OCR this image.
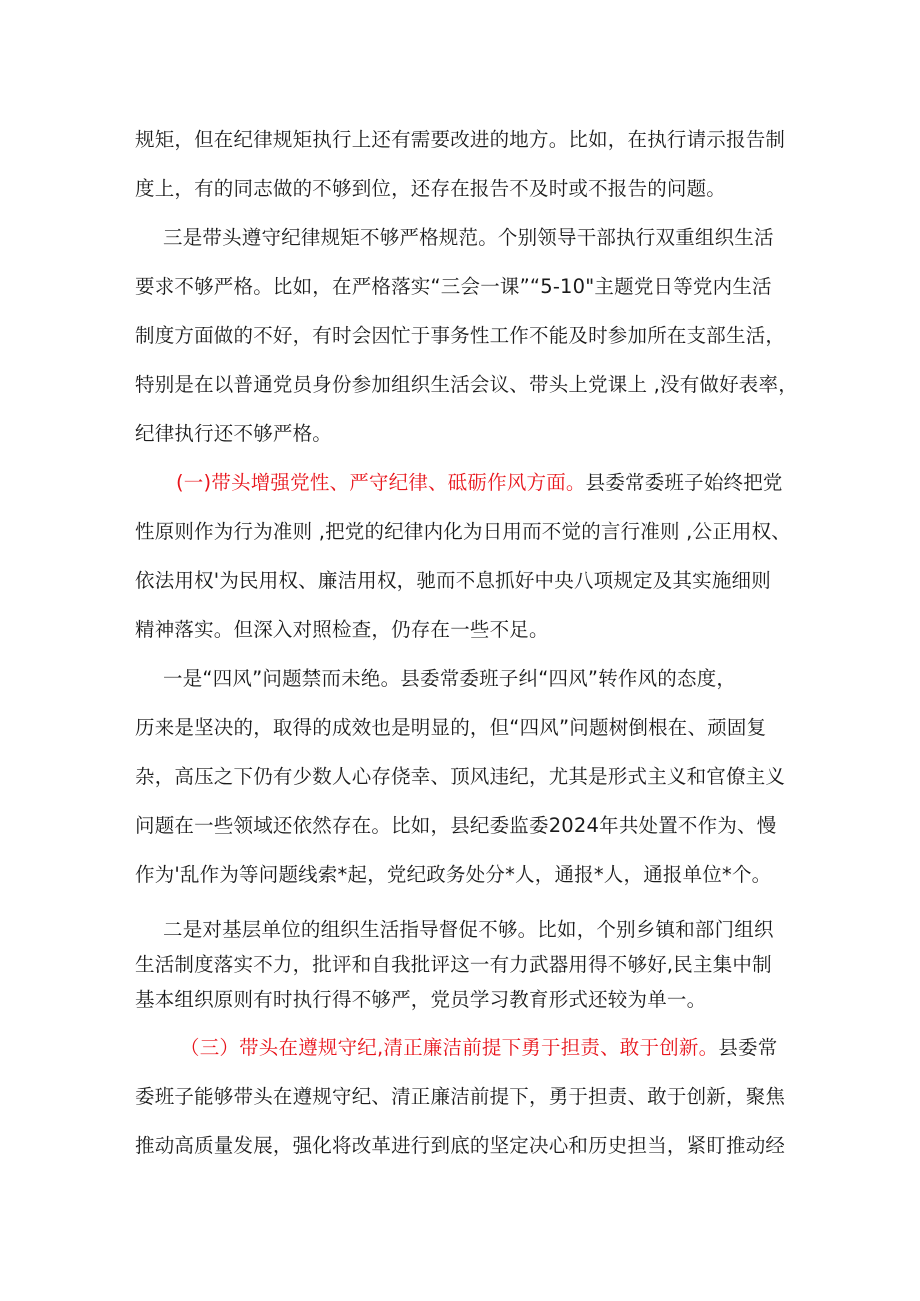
规矩，但在纪律规矩执行上还有需要改进的地方。比如，在执行请示报告制
度上，有的同志做的不够到位，还存在报告不及时或不报告的问题。
三是带头遵守纪律规矩不够严格规范。个别领导干部执行双重组织生活
要求不够严格。比如，在严格落实“三会一课”“5-10"主题党日等党内生活
制度方面做的不好，有时会因忙于事务性工作不能及时参加所在支部生活，
特别是在以普通党员身份参加组织生活会议、带头上党课上 ,没有做好表率，
纪律执行还不够严格。
(一)带头增强党性、严守纪律、砥砺作风方面。县委常委班子始终把党
性原则作为行为准则 ,把党的纪律内化为日用而不觉的言行准则 ,公正用权、
依法用权'为民用权、廉洁用权，驰而不息抓好中央八项规定及其实施细则
精神落实。但深入对照检查，仍存在一些不足。
一是“四风”问题禁而未绝。县委常委班子纠“四风”转作风的态度，
历来是坚决的，取得的成效也是明显的，但“四风”问题树倒根在、顽固复
杂，高压之下仍有少数人心存侥幸、顶风违纪，尤其是形式主义和官僚主义
问题在一些领域还依然存在。比如，县纪委监委2024年共处置不作为、慢
作为'乱作为等问题线索*起，党纪政务处分*人，通报*人，通报单位*个。
二是对基层单位的组织生活指导督促不够。比如，个别乡镇和部门组织
生活制度落实不力，批评和自我批评这一有力武器用得不够好,民主集中制
基本组织原则有时执行得不够严，党员学习教育形式还较为单一。
（三）带头在遵规守纪,清正廉洁前提下勇于担责、敢于创新。县委常
委班子能够带头在遵规守纪、清正廉洁前提下，勇于担责、敢于创新，聚焦
推动高质量发展，强化将改革进行到底的坚定决心和历史担当，紧盯推动经
